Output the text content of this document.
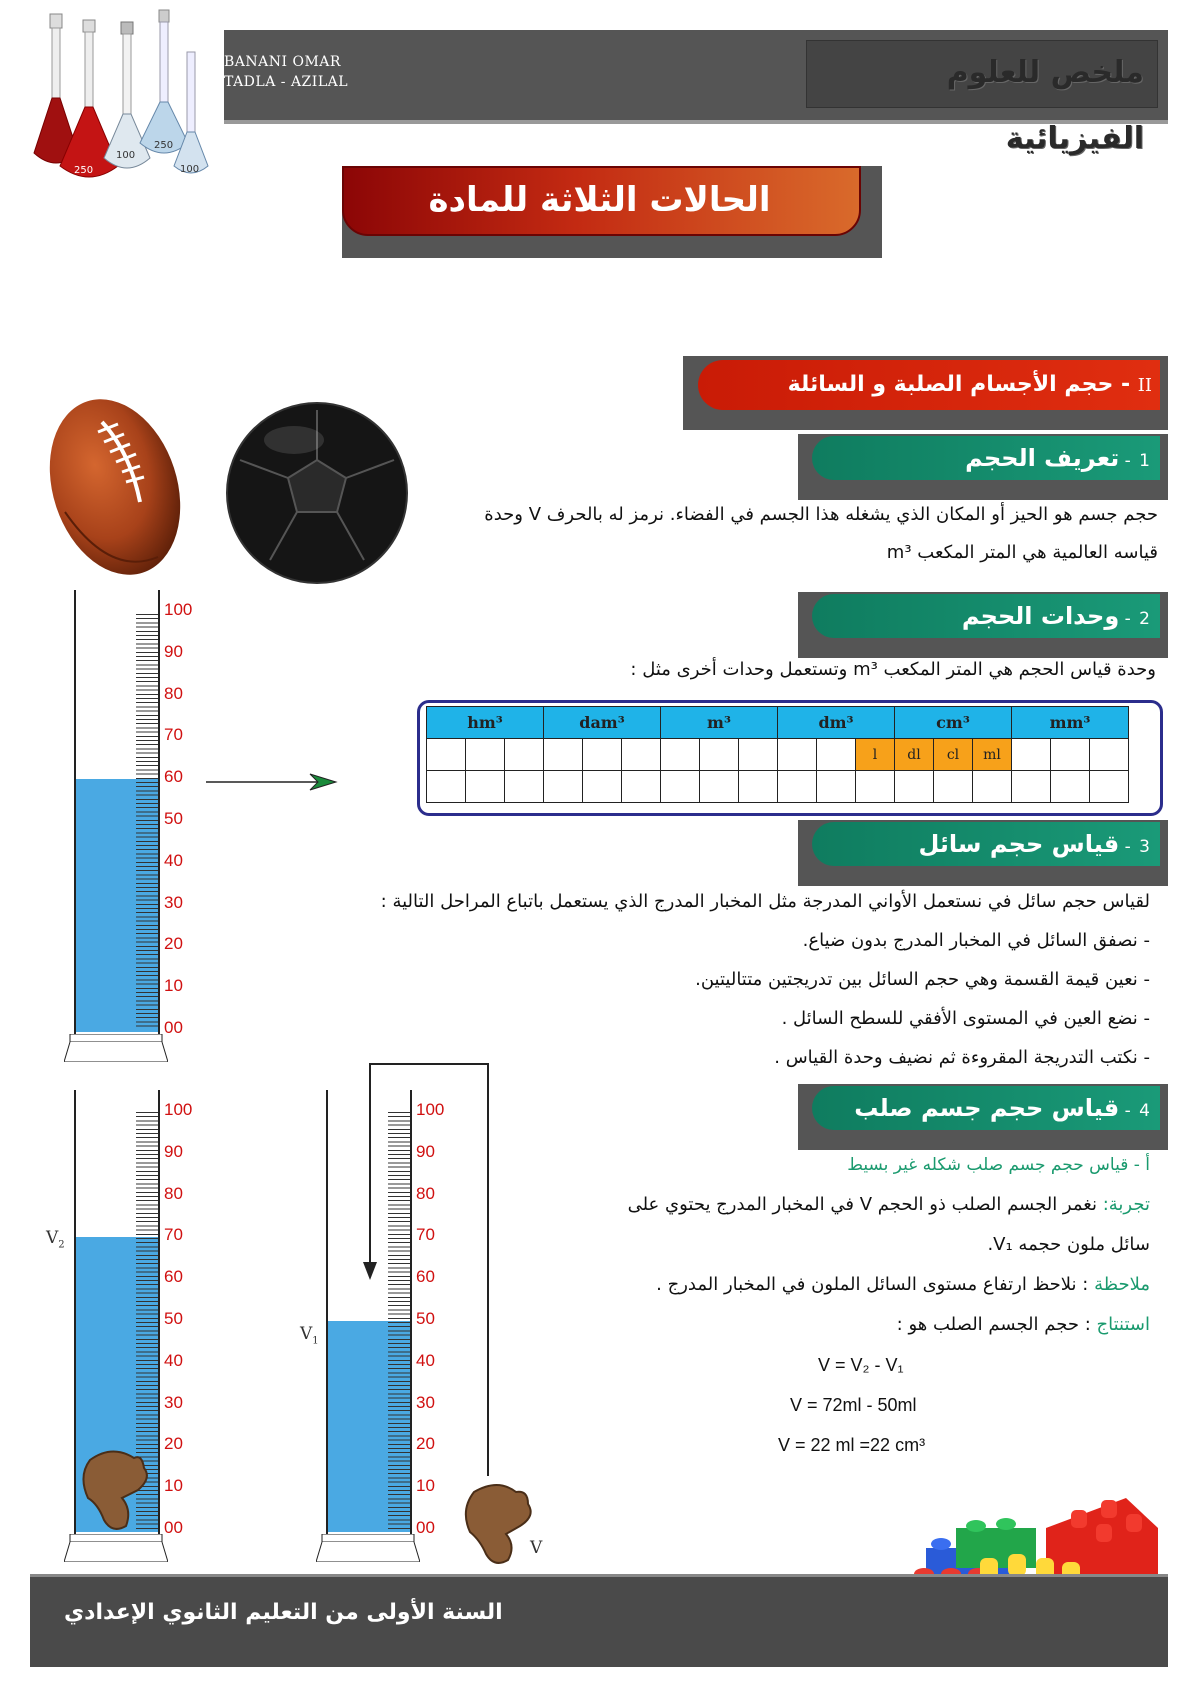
250
100
250
100
ملخص للعلوم الفيزيائية
BANANI OMAR
TADLA - AZILAL
الحالات الثلاثة للمادة
II - حجم الأجسام الصلبة و السائلة
1 - تعريف الحجم
حجم جسم هو الحيز أو المكان الذي يشغله هذا الجسم في الفضاء. نرمز له بالحرف V وحدة
قياسه العالمية هي المتر المكعب m³
2 - وحدات الحجم
وحدة قياس الحجم هي المتر المكعب m³ وتستعمل وحدات أخرى مثل :
hm³			dam³			m³			dm³			cm³			mm³		
											l	dl	cl	ml			

3 - قياس حجم سائل
لقياس حجم سائل في نستعمل الأواني المدرجة مثل المخبار المدرج الذي يستعمل باتباع المراحل التالية :
- نصفق السائل في المخبار المدرج بدون ضياع.
- نعين قيمة القسمة وهي حجم السائل بين تدريجتين متتاليتين.
- نضع العين في المستوى الأفقي للسطح السائل .
- نكتب التدريجة المقروءة ثم نضيف وحدة القياس .
4 - قياس حجم جسم صلب
أ - قياس حجم جسم صلب شكله غير بسيط
تجربة: نغمر الجسم الصلب ذو الحجم V في المخبار المدرج يحتوي على
سائل ملون حجمه V₁.
ملاحظة : نلاحظ ارتفاع مستوى السائل الملون في المخبار المدرج .
استنتاج : حجم الجسم الصلب هو :
V = V₂ - V₁
V = 72ml - 50ml
V = 22 ml =22 cm³
$V_2$
$V_1$
V
السنة الأولى من التعليم الثانوي الإعدادي
100
90
80
70
60
50
40
30
20
10
00
100
90
80
70
60
50
40
30
20
10
00
100
90
80
70
60
50
40
30
20
10
00
